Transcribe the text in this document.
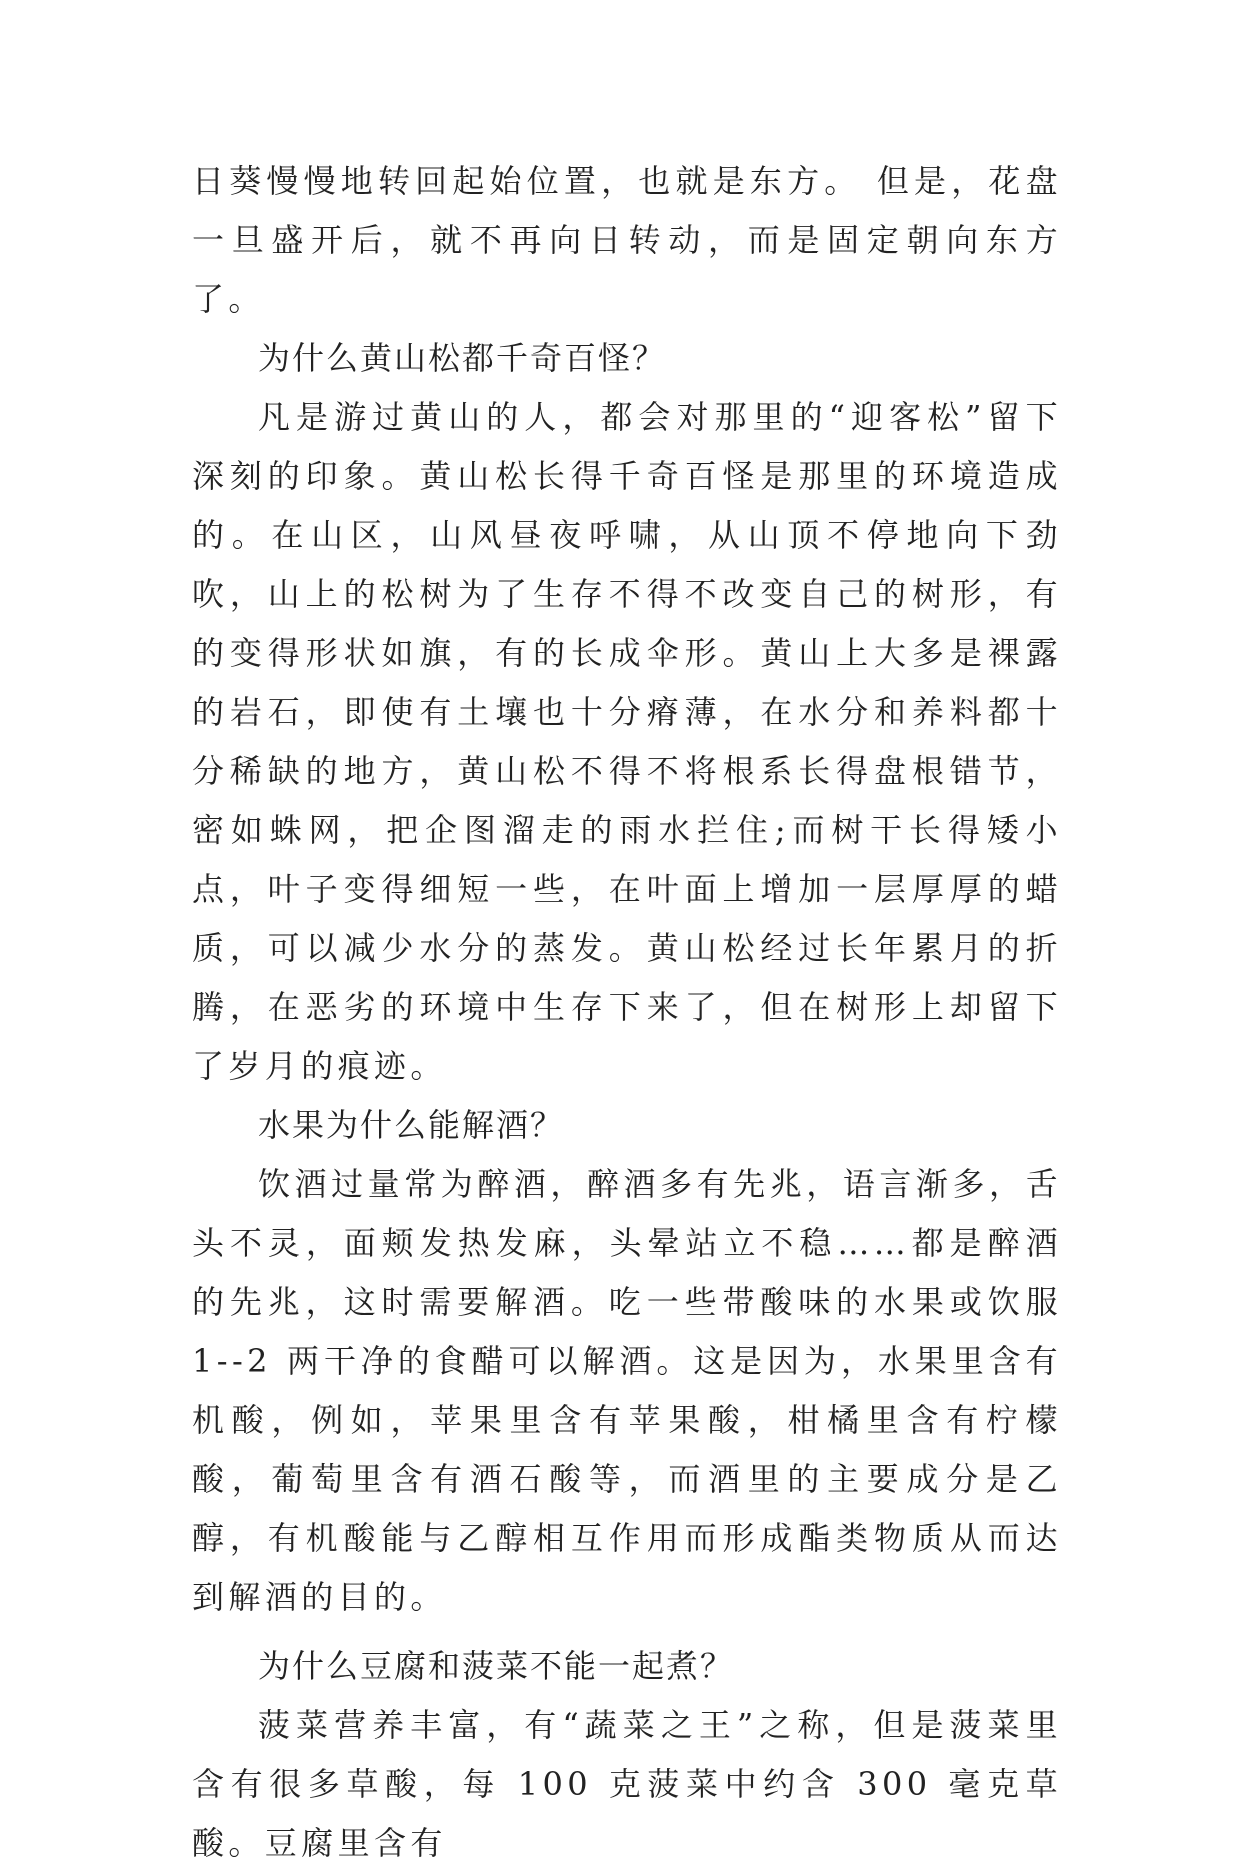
日葵慢慢地转回起始位置，也就是东方。 但是，花盘一旦盛开后，就不再向日转动，而是固定朝向东方了。

为什么黄山松都千奇百怪？

凡是游过黄山的人，都会对那里的“迎客松”留下深刻的印象。黄山松长得千奇百怪是那里的环境造成的。在山区，山风昼夜呼啸，从山顶不停地向下劲吹，山上的松树为了生存不得不改变自己的树形，有的变得形状如旗，有的长成伞形。黄山上大多是裸露的岩石，即使有土壤也十分瘠薄，在水分和养料都十分稀缺的地方，黄山松不得不将根系长得盘根错节，密如蛛网，把企图溜走的雨水拦住;而树干长得矮小点，叶子变得细短一些，在叶面上增加一层厚厚的蜡质，可以减少水分的蒸发。黄山松经过长年累月的折腾，在恶劣的环境中生存下来了，但在树形上却留下了岁月的痕迹。

水果为什么能解酒？

饮酒过量常为醉酒，醉酒多有先兆，语言渐多，舌头不灵，面颊发热发麻，头晕站立不稳……都是醉酒的先兆，这时需要解酒。吃一些带酸味的水果或饮服 1--2 两干净的食醋可以解酒。这是因为，水果里含有机酸，例如，苹果里含有苹果酸，柑橘里含有柠檬酸，葡萄里含有酒石酸等，而酒里的主要成分是乙醇，有机酸能与乙醇相互作用而形成酯类物质从而达到解酒的目的。

为什么豆腐和菠菜不能一起煮？

菠菜营养丰富，有“蔬菜之王”之称，但是菠菜里含有很多草酸，每 100 克菠菜中约含 300 毫克草酸。豆腐里含有
